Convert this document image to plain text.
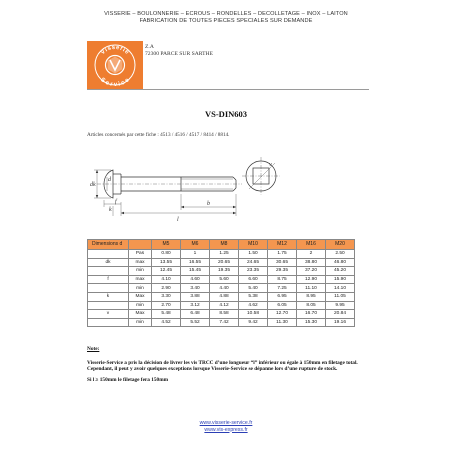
VISSERIE – BOULONNERIE – ECROUS – RONDELLES – DECOLLETAGE – INOX – LAITON
FABRICATION DE TOUTES PIECES SPECIALES SUR DEMANDE
Visserie
Service
Z.A
72300 PARCE SUR SARTHE
VS-DIN603
Articles concernés par cette fiche : 4513 / 4516 / 4517 / 8414 / 8814.
dk
d
f
k
b
l
v
Dimensions d		M5	M6	M8	M10	M12	M16	M20
	Pas	0.80	1	1.25	1.50	1.75	2	2.50
dk	max	13.55	16.55	20.65	24.65	30.65	38.80	46.80
	min	12.45	15.45	19.35	23.35	29.35	37.20	45.20
f	max	4.10	4.60	5.60	6.60	8.75	12.90	15.90
	min	2.90	3.40	4.40	5.40	7.25	11.10	14.10
k	Max	3.30	3.88	4.88	5.38	6.95	8.95	11.05
	min	2.70	3.12	4.12	4.62	6.05	8.05	9.95
v	Max	5.48	6.48	8.58	10.58	12.70	16.70	20.84
	min	4.52	5.52	7.42	9.42	11.30	15.30	19.16
Note:

Visserie-Service a pris la décision de livrer les vis TRCC d’une longueur “l” inférieur ou égale à 150mm en filetage total. Cependant, il peut y avoir quelques exceptions lorsque Visserie-Service se dépanne lors d’une rupture de stock.

Si l ≥ 150mm le filetage fera 150mm

www.visserie-service.fr
www.vis-express.fr
